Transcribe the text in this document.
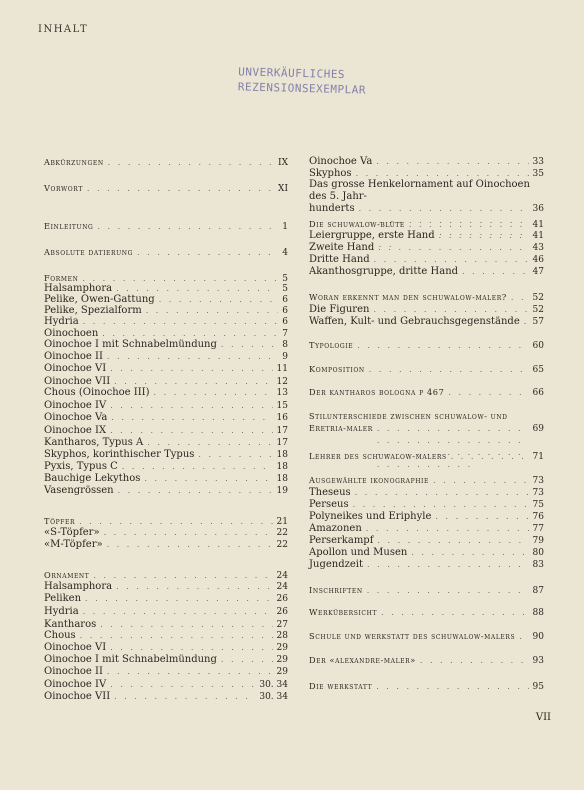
INHALT
UNVERKÄUFLICHES
REZENSIONSEXEMPLAR
Abkürzungen . . .	IX
Vorwort . . .	XI
Einleitung . . .	1
Absolute datierung . . .	4
Formen . . .	5
Halsamphora . . .	5
Pelike, Owen-Gattung . . .	6
Pelike, Spezialform . . .	6
Hydria . . .	6
Oinochoen . . .	7
Oinochoe I mit Schnabelmündung . . .	8
Oinochoe II . . .	9
Oinochoe VI . . .	11
Oinochoe VII . . .	12
Chous (Oinochoe III) . . .	13
Oinochoe IV . . .	15
Oinochoe Va . . .	16
Oinochoe IX . . .	17
Kantharos, Typus A . . .	17
Skyphos, korinthischer Typus . . .	18
Pyxis, Typus C . . .	18
Bauchige Lekythos . . .	18
Vasengrössen . . .	19
Töpfer . . .	21
«S-Töpfer» . . .	22
«M-Töpfer» . . .	22
Ornament . . .	24
Halsamphora . . .	24
Peliken . . .	26
Hydria . . .	26
Kantharos . . .	27
Chous . . .	28
Oinochoe VI . . .	29
Oinochoe I mit Schnabelmündung . . .	29
Oinochoe II . . .	29
Oinochoe IV . . .	30. 34
Oinochoe VII . . .	30. 34
Oinochoe Va . . .	33
Skyphos . . .	35
Das grosse Henkelornament auf Oinochoen des 5. Jahr-
hunderts . . .	36
Die schuwalow-blüte . . .	41
Leiergruppe, erste Hand . . .	41
Zweite Hand . . .	43
Dritte Hand . . .	46
Akanthosgruppe, dritte Hand . . .	47
Woran erkennt man den schuwalow-maler? . . .	52
Die Figuren . . .	52
Waffen, Kult- und Gebrauchsgegenstände . . . 57
Typologie . . .	60
Komposition . . .	65
Der kantharos bologna p 467 . . .	66
Stilunterschiede zwischen schuwalow- und
Eretria-maler . . .	69
Lehrer des schuwalow-malers . . .	71
Ausgewählte ikonographie . . .	73
Theseus . . .	73
Perseus . . .	75
Polyneikes und Eriphyle . . .	76
Amazonen . . .	77
Perserkampf . . .	79
Apollon und Musen . . .	80
Jugendzeit . . .	83
Inschriften . . .	87
Werkübersicht . . .	88
Schule und werkstatt des schuwalow-malers . . . 90
Der «alexandre-maler» . . .	93
Die werkstatt . . .	95
VII
